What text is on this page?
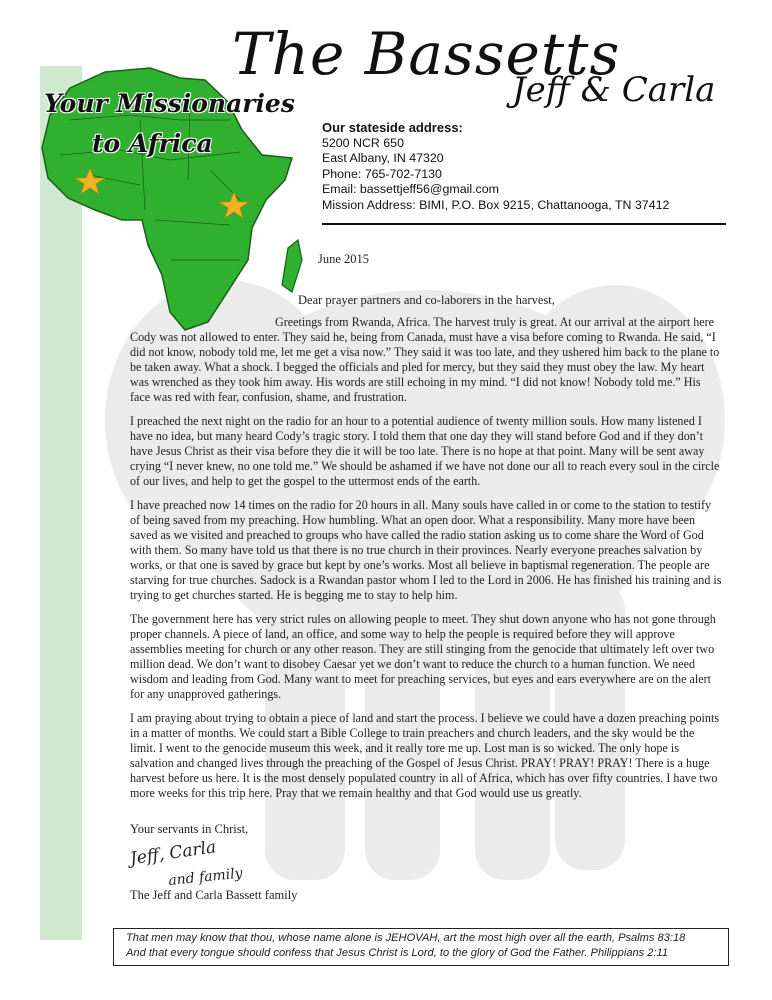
Your Missionaries
to Africa
The Bassetts
Jeff & Carla
Our stateside address:
5200 NCR 650
East Albany, IN 47320
Phone: 765-702-7130
Email: bassettjeff56@gmail.com
Mission Address: BIMI, P.O. Box 9215, Chattanooga, TN 37412
June 2015
Dear prayer partners and co-laborers in the harvest,

Greetings from Rwanda, Africa. The harvest truly is great. At our arrival at the airport here Cody was not allowed to enter. They said he, being from Canada, must have a visa before coming to Rwanda. He said, “I did not know, nobody told me, let me get a visa now.” They said it was too late, and they ushered him back to the plane to be taken away. What a shock. I begged the officials and pled for mercy, but they said they must obey the law. My heart was wrenched as they took him away. His words are still echoing in my mind. “I did not know! Nobody told me.” His face was red with fear, confusion, shame, and frustration.

I preached the next night on the radio for an hour to a potential audience of twenty million souls. How many listened I have no idea, but many heard Cody’s tragic story. I told them that one day they will stand before God and if they don’t have Jesus Christ as their visa before they die it will be too late. There is no hope at that point. Many will be sent away crying “I never knew, no one told me.” We should be ashamed if we have not done our all to reach every soul in the circle of our lives, and help to get the gospel to the uttermost ends of the earth.

I have preached now 14 times on the radio for 20 hours in all. Many souls have called in or come to the station to testify of being saved from my preaching. How humbling. What an open door. What a responsibility. Many more have been saved as we visited and preached to groups who have called the radio station asking us to come share the Word of God with them. So many have told us that there is no true church in their provinces. Nearly everyone preaches salvation by works, or that one is saved by grace but kept by one’s works. Most all believe in baptismal regeneration. The people are starving for true churches. Sadock is a Rwandan pastor whom I led to the Lord in 2006. He has finished his training and is trying to get churches started. He is begging me to stay to help him.

The government here has very strict rules on allowing people to meet. They shut down anyone who has not gone through proper channels. A piece of land, an office, and some way to help the people is required before they will approve assemblies meeting for church or any other reason. They are still stinging from the genocide that ultimately left over two million dead. We don’t want to disobey Caesar yet we don’t want to reduce the church to a human function. We need wisdom and leading from God. Many want to meet for preaching services, but eyes and ears everywhere are on the alert for any unapproved gatherings.

I am praying about trying to obtain a piece of land and start the process. I believe we could have a dozen preaching points in a matter of months. We could start a Bible College to train preachers and church leaders, and the sky would be the limit. I went to the genocide museum this week, and it really tore me up. Lost man is so wicked. The only hope is salvation and changed lives through the preaching of the Gospel of Jesus Christ. PRAY! PRAY! PRAY! There is a huge harvest before us here. It is the most densely populated country in all of Africa, which has over fifty countries. I have two more weeks for this trip here. Pray that we remain healthy and that God would use us greatly.

Your servants in Christ,
Jeff, Carla
and family
The Jeff and Carla Bassett family
That men may know that thou, whose name alone is JEHOVAH, art the most high over all the earth, Psalms 83:18
And that every tongue should confess that Jesus Christ is Lord, to the glory of God the Father. Philippians 2:11
